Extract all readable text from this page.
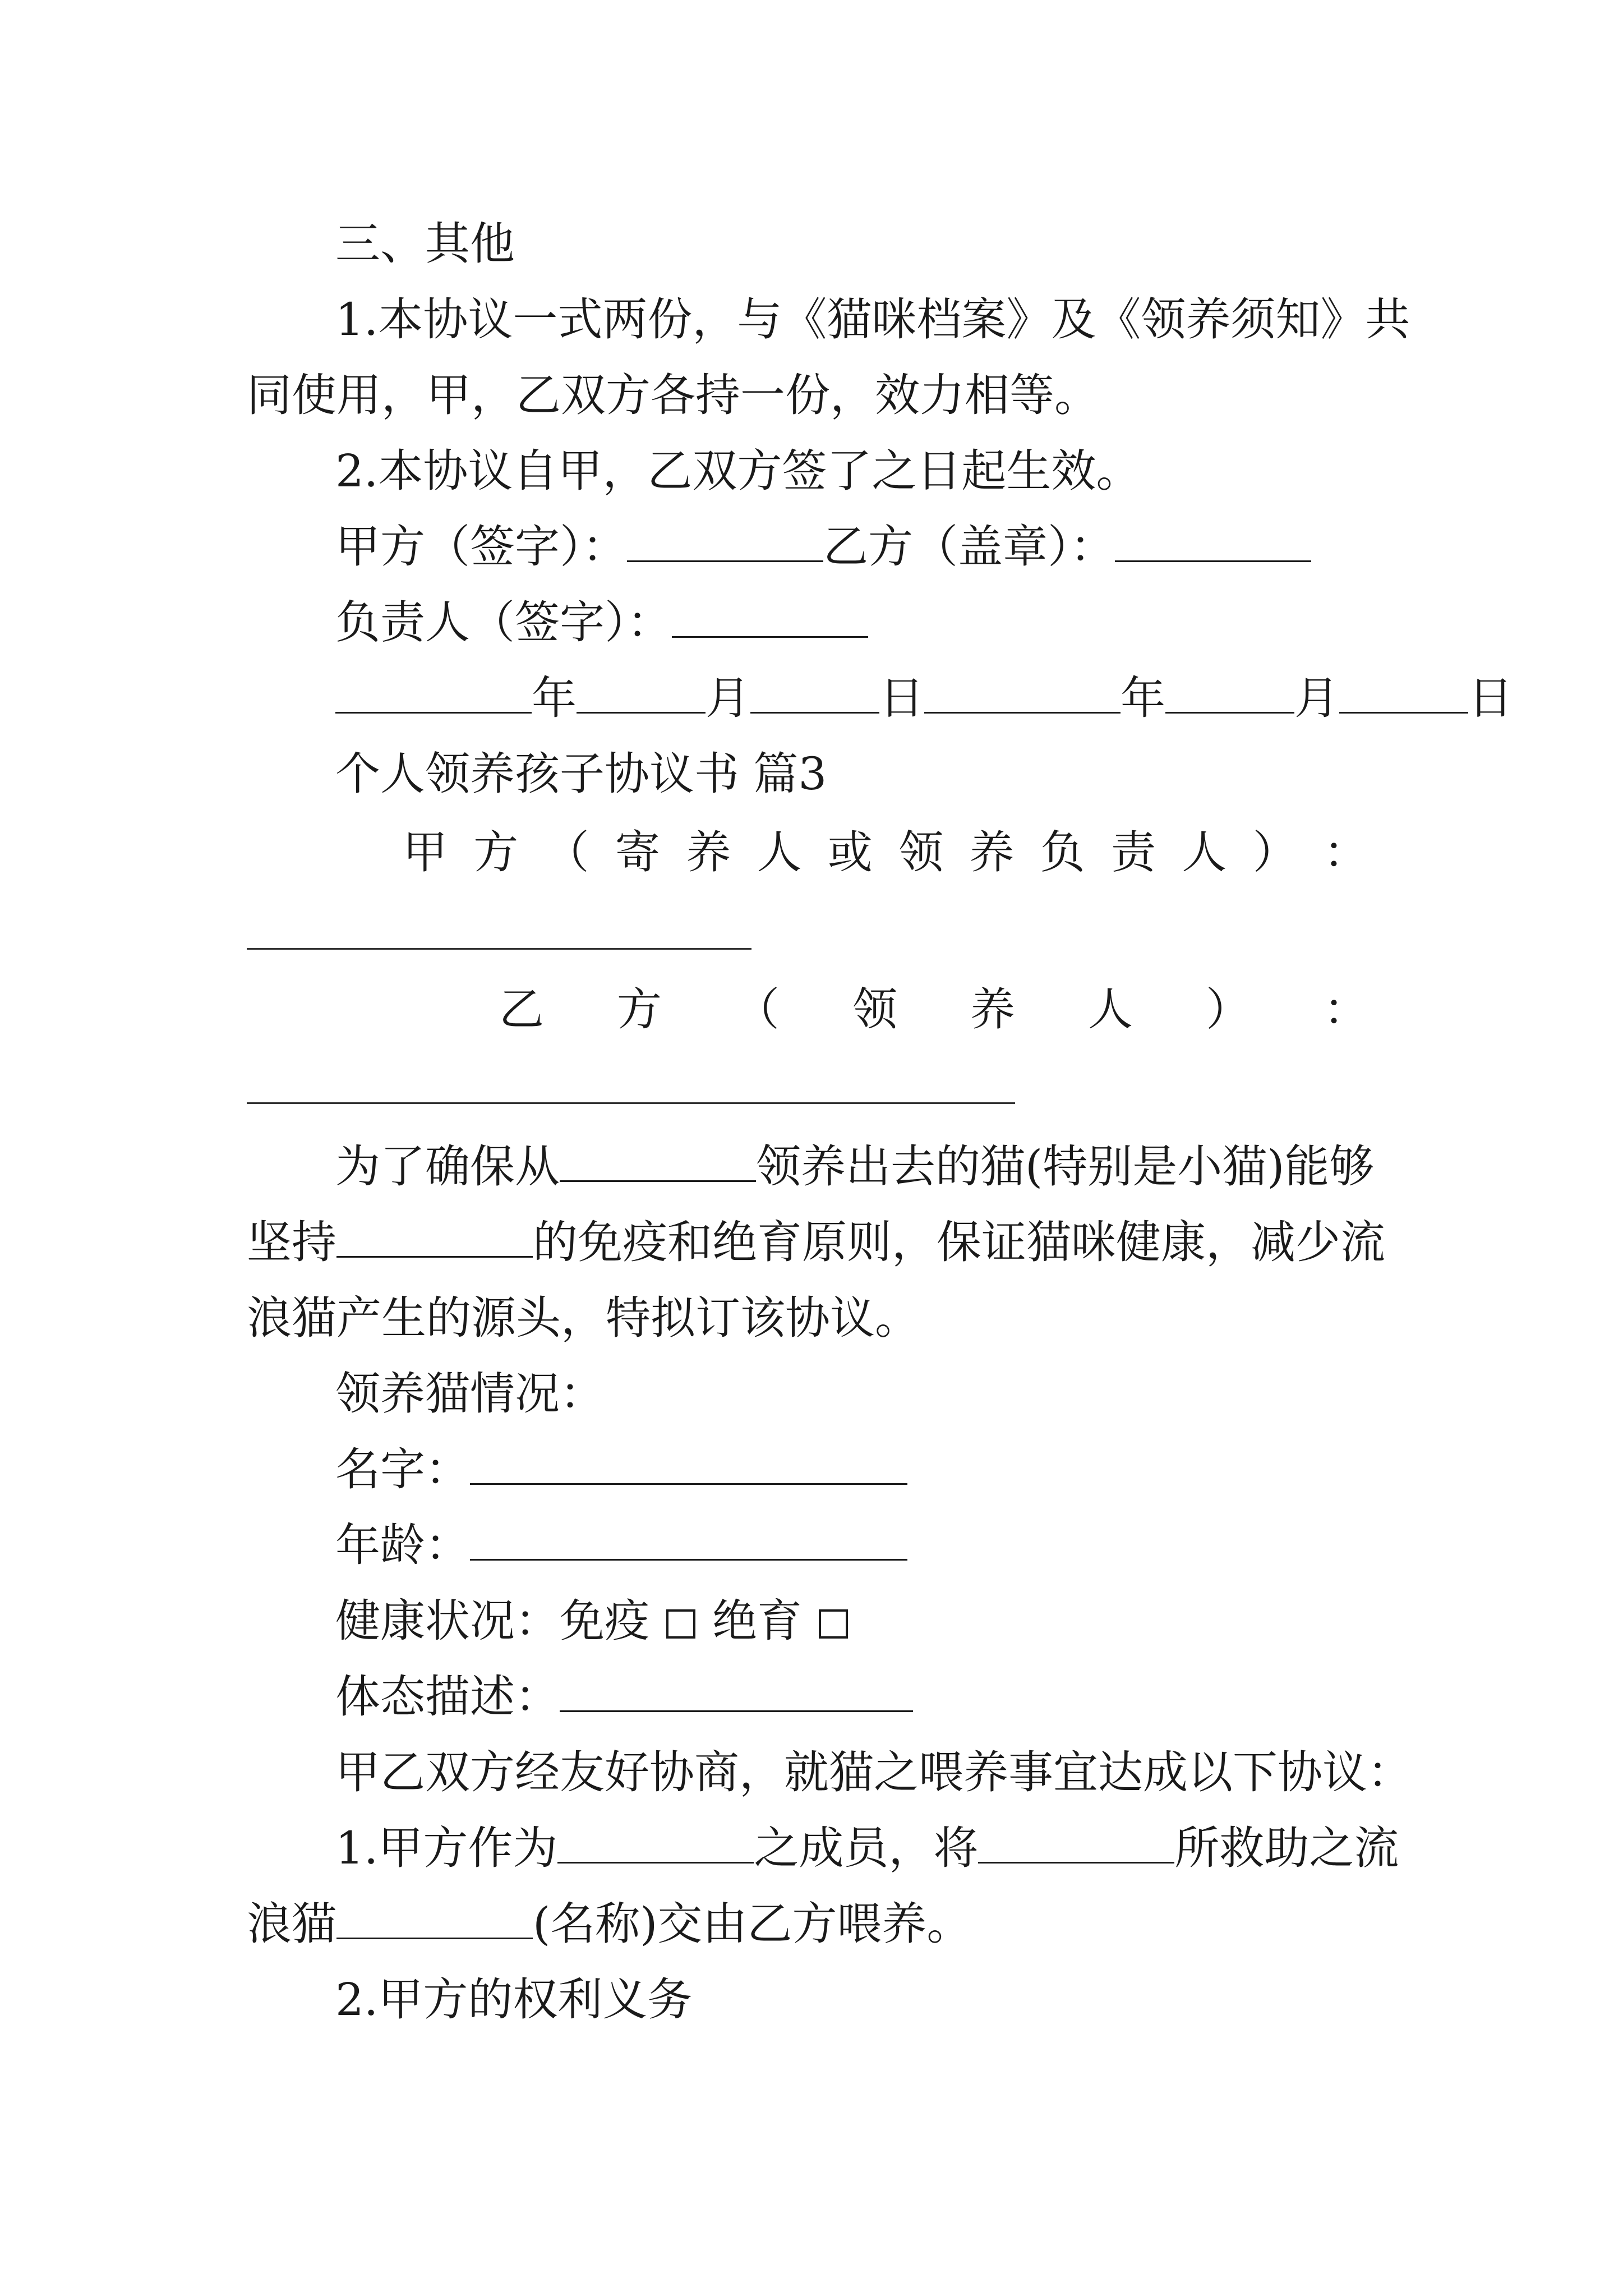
三、其他
1.本协议一式两份，与《猫咪档案》及《领养须知》共
同使用，甲，乙双方各持一份，效力相等。
2.本协议自甲，乙双方签了之日起生效。
甲方（签字）：	乙方（盖章）：
负责人（签字）：
年	月	日	年	月	日
个人领养孩子协议书 篇3
甲 方 （ 寄 养 人 或 领 养 负 责 人 ） ：
乙 方 （ 领 养 人 ） ：
为了确保从	领养出去的猫(特别是小猫)能够
坚持	的免疫和绝育原则，保证猫咪健康，减少流
浪猫产生的源头，特拟订该协议。
领养猫情况：
名字：
年龄：
健康状况：免疫 绝育
体态描述：
甲乙双方经友好协商，就猫之喂养事宜达成以下协议：
1.甲方作为	之成员，将	所救助之流
浪猫	(名称)交由乙方喂养。
2.甲方的权利义务
